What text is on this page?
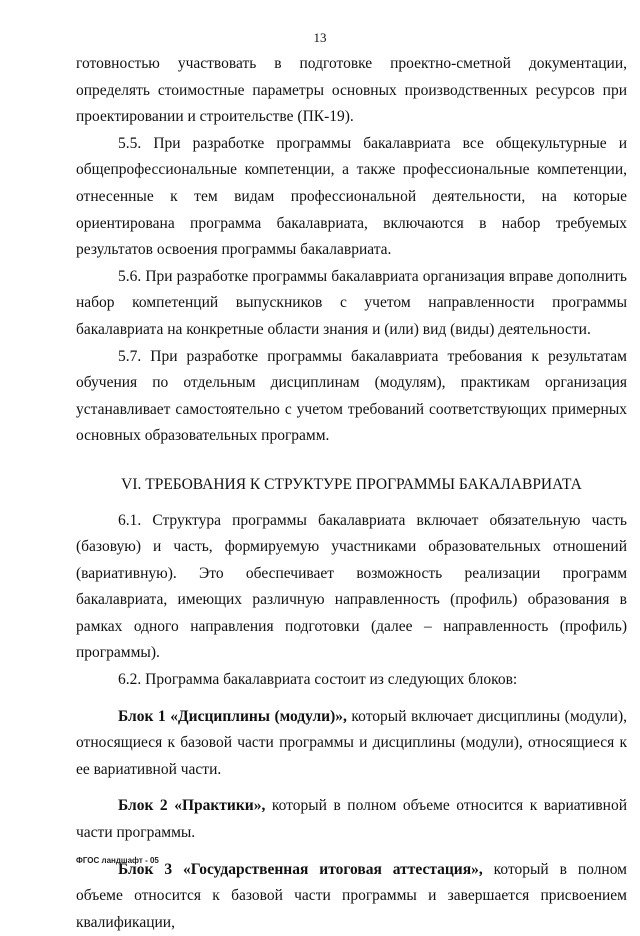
13

готовностью участвовать в подготовке проектно-сметной документации, определять стоимостные параметры основных производственных ресурсов при проектировании и строительстве (ПК-19).

5.5. При разработке программы бакалавриата все общекультурные и общепрофессиональные компетенции, а также профессиональные компетенции, отнесенные к тем видам профессиональной деятельности, на которые ориентирована программа бакалавриата, включаются в набор требуемых результатов освоения программы бакалавриата.

5.6. При разработке программы бакалавриата организация вправе дополнить набор компетенций выпускников с учетом направленности программы бакалавриата на конкретные области знания и (или) вид (виды) деятельности.

5.7. При разработке программы бакалавриата требования к результатам обучения по отдельным дисциплинам (модулям), практикам организация устанавливает самостоятельно с учетом требований соответствующих примерных основных образовательных программ.

VI. ТРЕБОВАНИЯ К СТРУКТУРЕ ПРОГРАММЫ БАКАЛАВРИАТА

6.1. Структура программы бакалавриата включает обязательную часть (базовую) и часть, формируемую участниками образовательных отношений (вариативную). Это обеспечивает возможность реализации программ бакалавриата, имеющих различную направленность (профиль) образования в рамках одного направления подготовки (далее – направленность (профиль) программы).

6.2. Программа бакалавриата состоит из следующих блоков:

Блок 1 «Дисциплины (модули)», который включает дисциплины (модули), относящиеся к базовой части программы и дисциплины (модули), относящиеся к ее вариативной части.

Блок 2 «Практики», который в полном объеме относится к вариативной части программы.

Блок 3 «Государственная итоговая аттестация», который в полном объеме относится к базовой части программы и завершается присвоением квалификации,

ФГОС ландшафт - 05
